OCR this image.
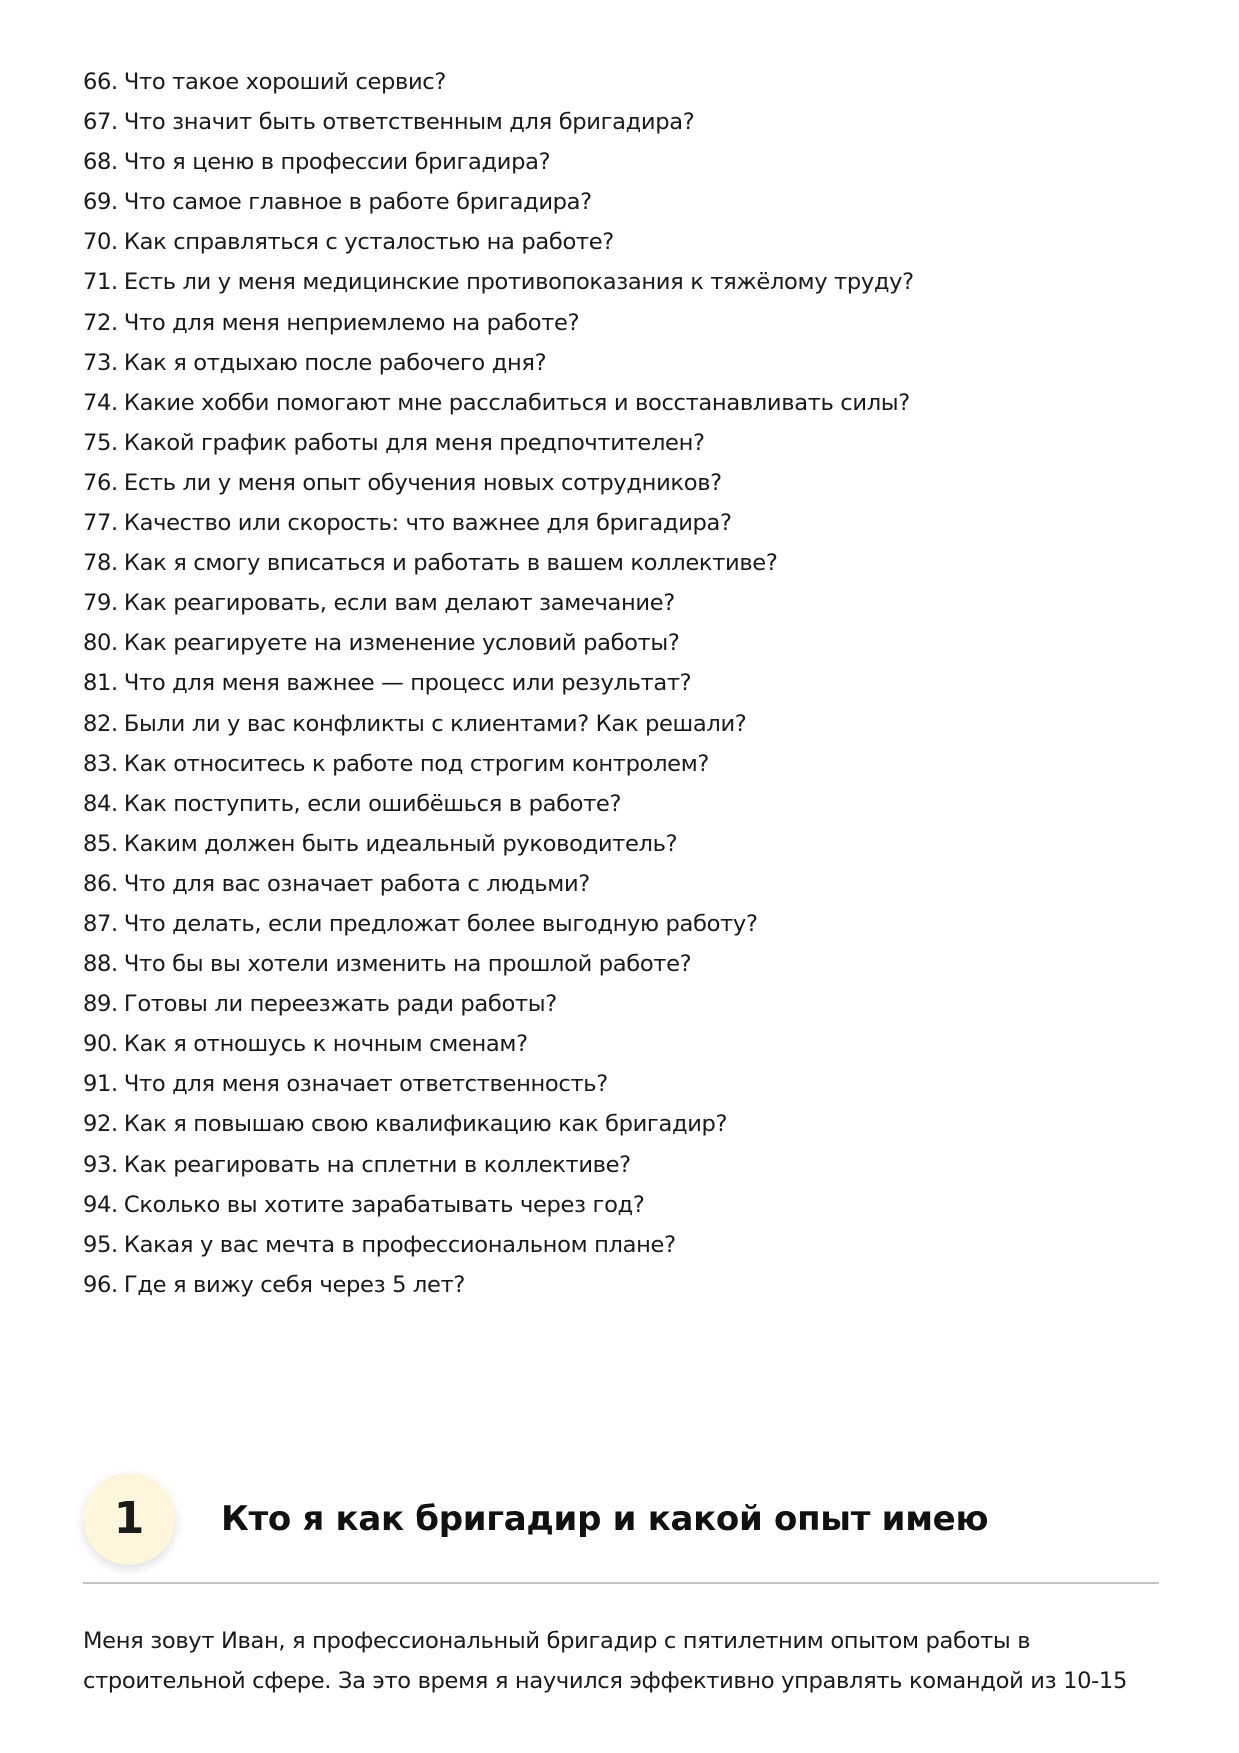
66. Что такое хороший сервис?
67. Что значит быть ответственным для бригадира?
68. Что я ценю в профессии бригадира?
69. Что самое главное в работе бригадира?
70. Как справляться с усталостью на работе?
71. Есть ли у меня медицинские противопоказания к тяжёлому труду?
72. Что для меня неприемлемо на работе?
73. Как я отдыхаю после рабочего дня?
74. Какие хобби помогают мне расслабиться и восстанавливать силы?
75. Какой график работы для меня предпочтителен?
76. Есть ли у меня опыт обучения новых сотрудников?
77. Качество или скорость: что важнее для бригадира?
78. Как я смогу вписаться и работать в вашем коллективе?
79. Как реагировать, если вам делают замечание?
80. Как реагируете на изменение условий работы?
81. Что для меня важнее — процесс или результат?
82. Были ли у вас конфликты с клиентами? Как решали?
83. Как относитесь к работе под строгим контролем?
84. Как поступить, если ошибёшься в работе?
85. Каким должен быть идеальный руководитель?
86. Что для вас означает работа с людьми?
87. Что делать, если предложат более выгодную работу?
88. Что бы вы хотели изменить на прошлой работе?
89. Готовы ли переезжать ради работы?
90. Как я отношусь к ночным сменам?
91. Что для меня означает ответственность?
92. Как я повышаю свою квалификацию как бригадир?
93. Как реагировать на сплетни в коллективе?
94. Сколько вы хотите зарабатывать через год?
95. Какая у вас мечта в профессиональном плане?
96. Где я вижу себя через 5 лет?
1	Кто я как бригадир и какой опыт имею

Меня зовут Иван, я профессиональный бригадир с пятилетним опытом работы в
строительной сфере. За это время я научился эффективно управлять командой из 10-15
